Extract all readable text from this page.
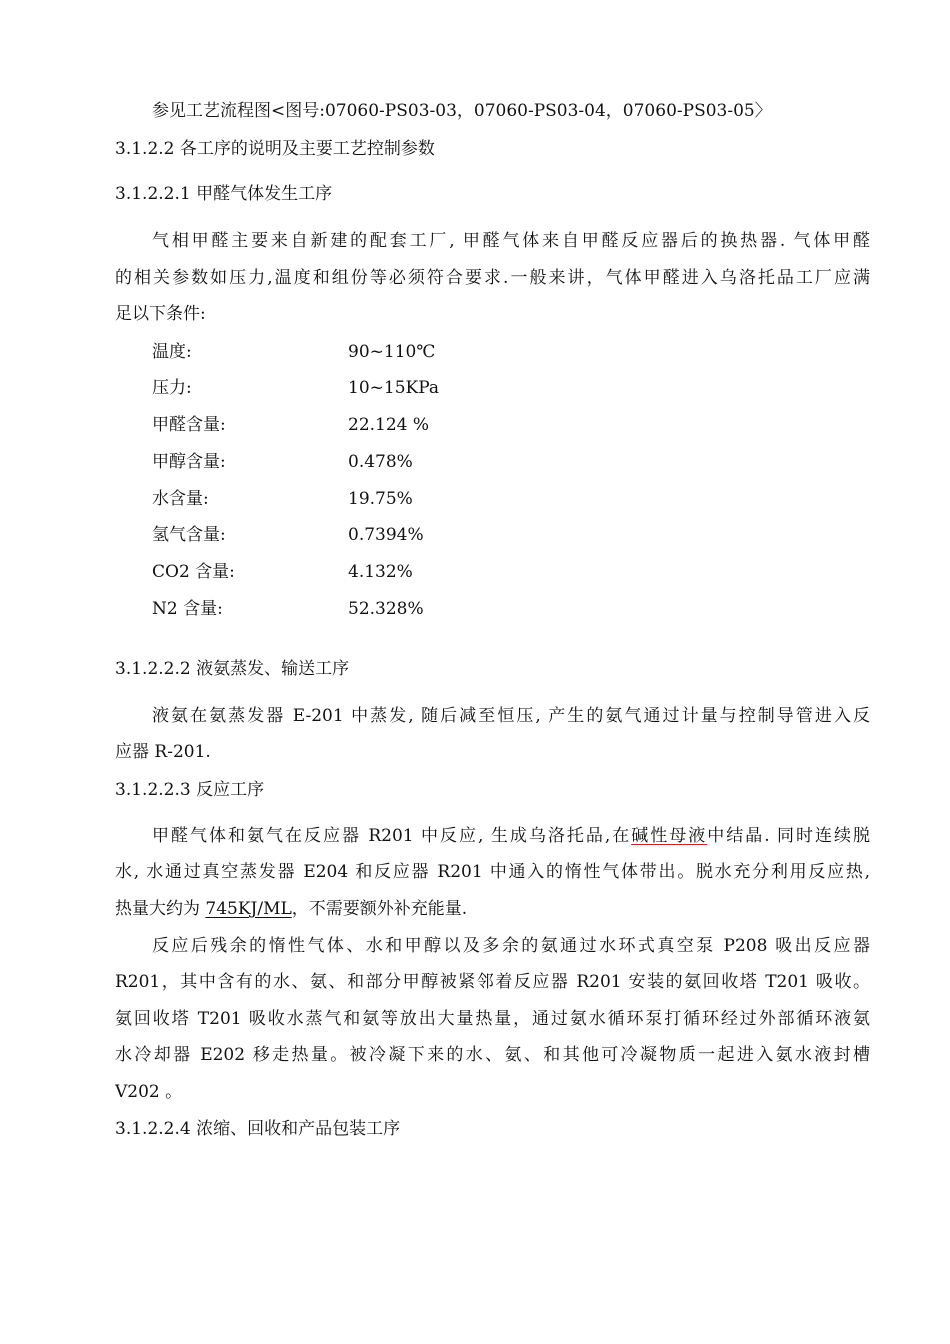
参见工艺流程图<图号:07060-PS03-03，07060-PS03-04，07060-PS03-05〉
3.1.2.2 各工序的说明及主要工艺控制参数
3.1.2.2.1 甲醛气体发生工序
气相甲醛主要来自新建的配套工厂, 甲醛气体来自甲醛反应器后的换热器. 气体甲醛
的相关参数如压力,温度和组份等必须符合要求.一般来讲，气体甲醛进入乌洛托品工厂应满
足以下条件:
温度:	90~110℃
压力:	10~15KPa
甲醛含量:	22.124 %
甲醇含量:	0.478%
水含量:	19.75%
氢气含量:	0.7394%
CO2 含量:	4.132%
N2 含量:	52.328%
3.1.2.2.2 液氨蒸发、输送工序
液氨在氨蒸发器 E-201 中蒸发, 随后减至恒压, 产生的氨气通过计量与控制导管进入反
应器 R-201.
3.1.2.2.3 反应工序
甲醛气体和氨气在反应器 R201 中反应, 生成乌洛托品,在碱性母液中结晶. 同时连续脱
水, 水通过真空蒸发器 E204 和反应器 R201 中通入的惰性气体带出。脱水充分利用反应热,
热量大约为 745KJ/ML，不需要额外补充能量.
反应后残余的惰性气体、水和甲醇以及多余的氨通过水环式真空泵 P208 吸出反应器
R201，其中含有的水、氨、和部分甲醇被紧邻着反应器 R201 安装的氨回收塔 T201 吸收。
氨回收塔 T201 吸收水蒸气和氨等放出大量热量，通过氨水循环泵打循环经过外部循环液氨
水冷却器 E202 移走热量。被冷凝下来的水、氨、和其他可冷凝物质一起进入氨水液封槽
V202 。
3.1.2.2.4 浓缩、回收和产品包装工序
